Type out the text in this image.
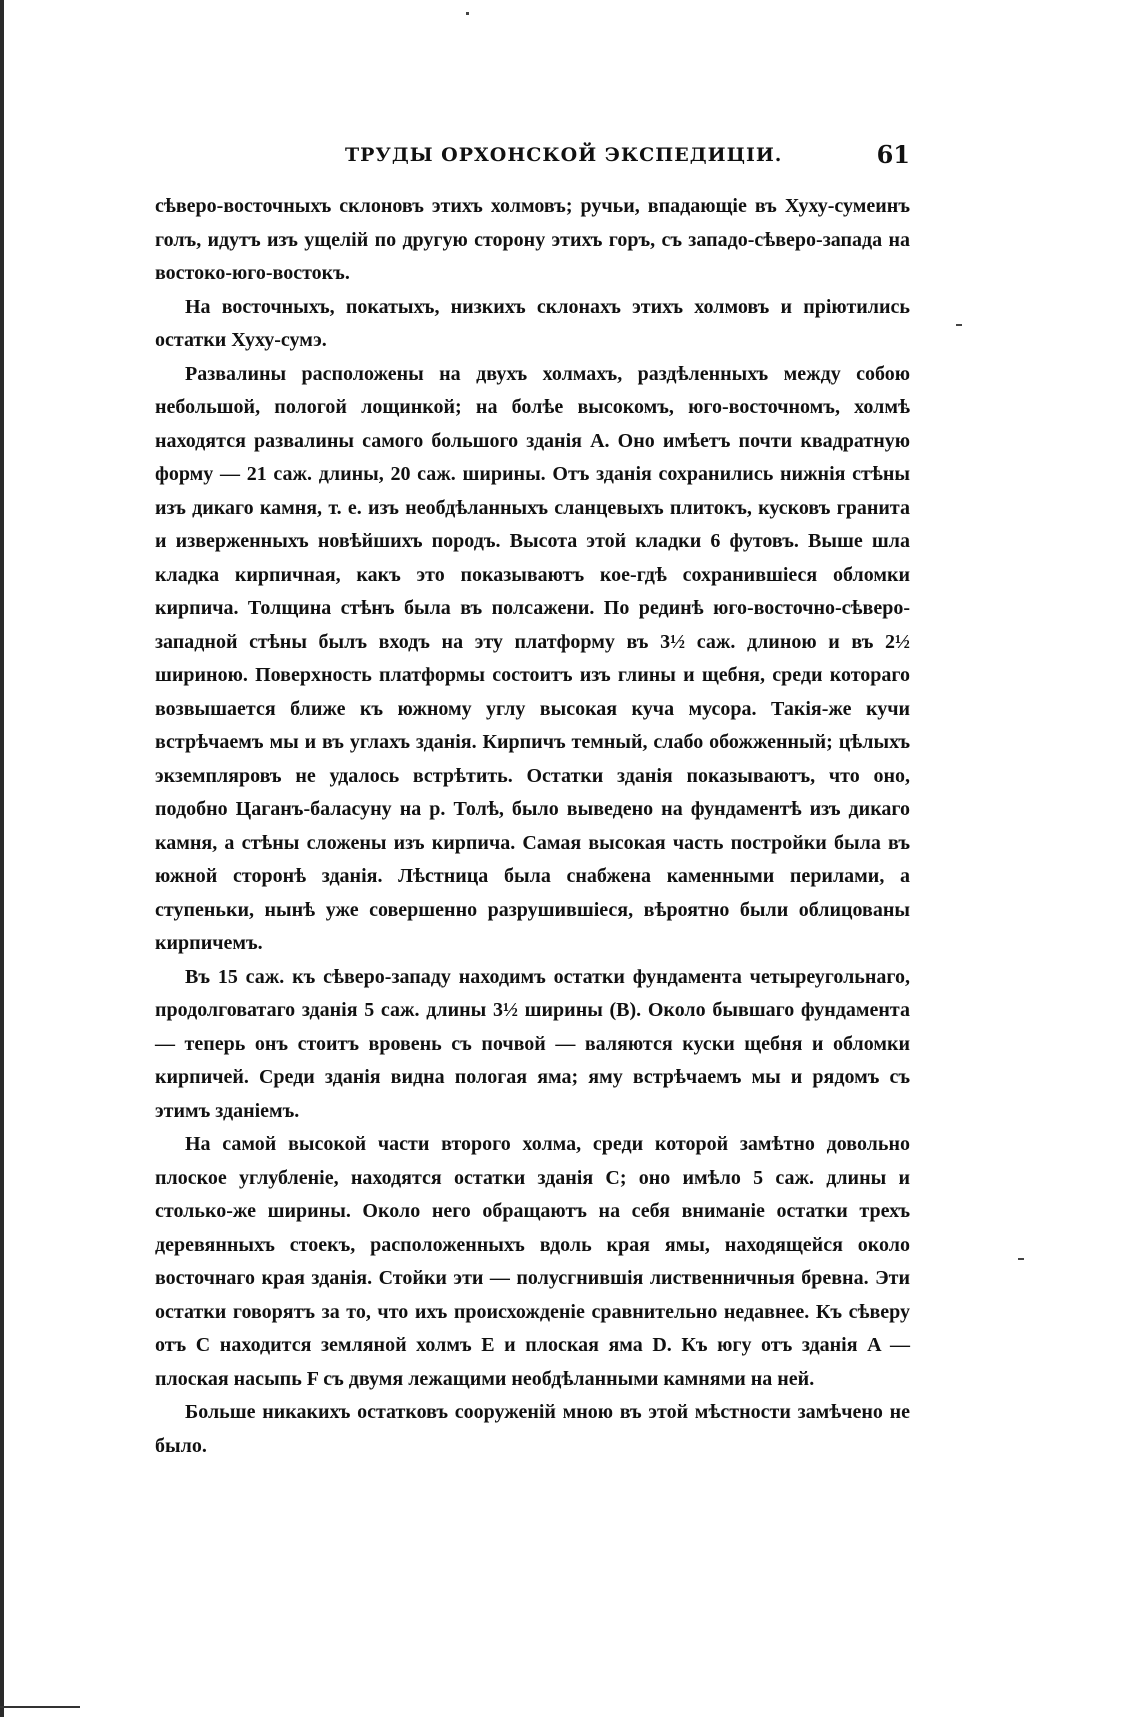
ТРУДЫ ОРХОНСКОЙ ЭКСПЕДИЦІИ.	61

сѣверо-восточныхъ склоновъ этихъ холмовъ; ручьи, впадающіе въ Хуху-сумеинъ голъ, идутъ изъ ущелій по другую сторону этихъ горъ, съ западо-сѣверо-запада на востоко-юго-востокъ.

На восточныхъ, покатыхъ, низкихъ склонахъ этихъ холмовъ и пріютились остатки Хуху-сумэ.

Развалины расположены на двухъ холмахъ, раздѣленныхъ между собою небольшой, пологой лощинкой; на болѣе высокомъ, юго-восточномъ, холмѣ находятся развалины самого большого зданія A. Оно имѣетъ почти квадратную форму — 21 саж. длины, 20 саж. ширины. Отъ зданія сохранились нижнія стѣны изъ дикаго камня, т. е. изъ необдѣланныхъ сланцевыхъ плитокъ, кусковъ гранита и изверженныхъ новѣйшихъ породъ. Высота этой кладки 6 футовъ. Выше шла кладка кирпичная, какъ это показываютъ кое-гдѣ сохранившіеся обломки кирпича. Толщина стѣнъ была въ полсажени. По рединѣ юго-восточно-сѣверо-западной стѣны былъ входъ на эту платформу въ 3½ саж. длиною и въ 2½ шириною. Поверхность платформы состоитъ изъ глины и щебня, среди котораго возвышается ближе къ южному углу высокая куча мусора. Такія-же кучи встрѣчаемъ мы и въ углахъ зданія. Кирпичъ темный, слабо обожженный; цѣлыхъ экземпляровъ не удалось встрѣтить. Остатки зданія показываютъ, что оно, подобно Цаганъ-баласуну на р. Толѣ, было выведено на фундаментѣ изъ дикаго камня, а стѣны сложены изъ кирпича. Самая высокая часть постройки была въ южной сторонѣ зданія. Лѣстница была снабжена каменными перилами, а ступеньки, нынѣ уже совершенно разрушившіеся, вѣроятно были облицованы кирпичемъ.

Въ 15 саж. къ сѣверо-западу находимъ остатки фундамента четыреугольнаго, продолговатаго зданія 5 саж. длины 3½ ширины (B). Около бывшаго фундамента — теперь онъ стоитъ вровень съ почвой — валяются куски щебня и обломки кирпичей. Среди зданія видна пологая яма; яму встрѣчаемъ мы и рядомъ съ этимъ зданіемъ.

На самой высокой части второго холма, среди которой замѣтно довольно плоское углубленіе, находятся остатки зданія C; оно имѣло 5 саж. длины и столько-же ширины. Около него обращаютъ на себя вниманіе остатки трехъ деревянныхъ стоекъ, расположенныхъ вдоль края ямы, находящейся около восточнаго края зданія. Стойки эти — полусгнившія лиственничныя бревна. Эти остатки говорятъ за то, что ихъ происхожденіе сравнительно недавнее. Къ сѣверу отъ C находится земляной холмъ E и плоская яма D. Къ югу отъ зданія A — плоская насыпь F съ двумя лежащими необдѣланными камнями на ней.

Больше никакихъ остатковъ сооруженій мною въ этой мѣстности замѣчено не было.
